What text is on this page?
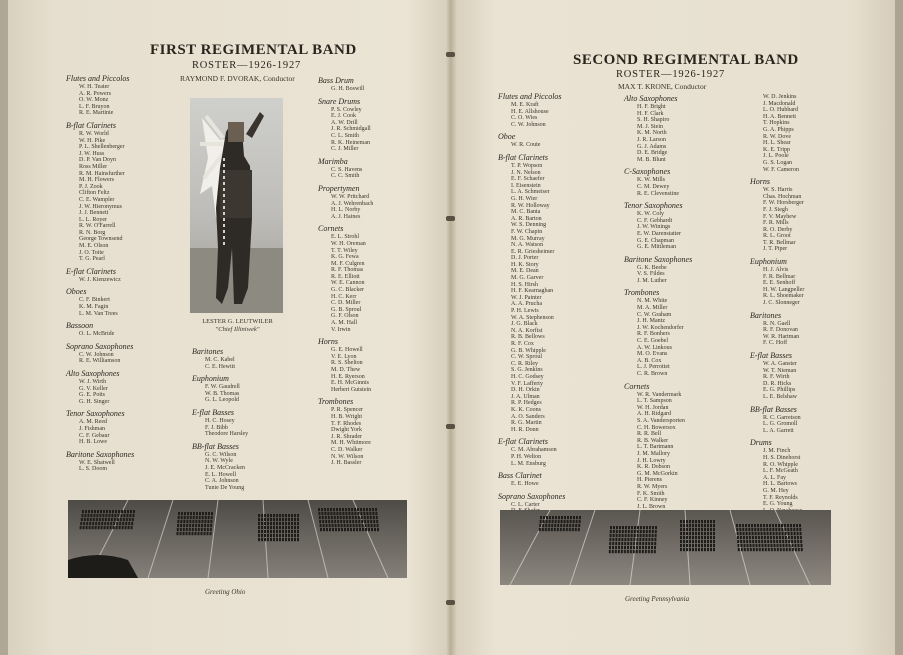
FIRST REGIMENTAL BAND
ROSTER—1926-1927
RAYMOND F. DVORAK, Conductor
Flutes and Piccolos
W. H. Teater
A. R. Powers
O. W. Monz
L. F. Bruyon
R. E. Martinie
B-flat Clarinets
R. W. World
W. H. Pike
P. L. Shellenberger
J. W. Huss
D. P. Van Doyn
Ross Miller
R. M. Hainsfurther
M. H. Flowers
P. J. Zook
Clifton Feltz
C. E. Wampler
J. W. Hieronymus
J. J. Bennett
L. L. Royer
R. W. O'Farrell
R. N. Borg
George Townsend
M. E. Olson
J. O. Toite
T. G. Pearl
E-flat Clarinets
W. J. Kienzewicz
Oboes
C. F. Binkert
K. M. Fagin
L. M. Van Trees
Bassoon
O. L. McBride
Soprano Saxophones
C. W. Johnson
R. E. Williamson
Alto Saxophones
W. J. Wirth
G. V. Keller
G. E. Potts
G. H. Singer
Tenor Saxophones
A. M. Reed
J. Fishman
C. F. Gebaur
H. B. Lowe
Baritone Saxophones
W. E. Shatwell
L. S. Doom
Baritones
M. C. Kabel
C. E. Hewitt
Euphonium
F. W. Gaudrell
W. B. Thomas
G. L. Leopold
E-flat Basses
H. C. Hosey
F. J. Bibb
Theodore Harsley
BB-flat Basses
G. C. Wilson
N. W. Wyle
J. E. McCracken
E. L. Howell
C. A. Johnson
Tunie De Young
Bass Drum
G. H. Boswill
Snare Drums
P. S. Cowley
E. J. Cook
A. W. Drill
J. R. Schmidgall
C. L. Smith
R. K. Heineman
C. J. Miller
Marimba
C. S. Havens
C. C. Smith
Propertymen
W. W. Pritchard
A. J. Wehrenbach
H. L. Norby
A. J. Haines
Cornets
E. L. Strohl
W. H. Oreman
T. T. Wiley
K. G. Fewa
M. F. Culgren
R. F. Thomas
R. E. Elliott
W. E. Cannon
G. C. Blacker
H. C. Kerr
C. D. Miller
G. B. Sproul
G. F. Olson
A. M. Hall
V. Irwin
Horns
G. E. Howell
V. E. Lyon
R. S. Shelton
M. D. Thew
H. E. Ryerson
E. H. McGinnis
Herbert Gutstein
Trombones
P. R. Spencer
H. B. Wright
T. F. Rhodes
Dwight York
J. R. Shrader
M. H. Whitmore
C. D. Walker
N. W. Wilson
J. H. Bassler
LESTER G. LEUTWILER
"Chief Illiniwek"
Greeting Ohio
SECOND REGIMENTAL BAND
ROSTER—1926-1927
MAX T. KRONE, Conductor
Flutes and Piccolos
M. E. Kraft
H. E. Allshouse
C. O. Wies
C. W. Johnson
Oboe
W. R. Coute
B-flat Clarinets
T. P. Wopson
J. N. Nelson
E. F. Schaefer
I. Eisenstein
L. A. Schmeiser
G. H. Wier
R. W. Holloway
M. C. Banta
A. R. Barton
W. S. Denning
F. W. Chapin
M. G. Murray
N. A. Watson
E. R. Griesheimer
D. J. Porter
H. K. Story
M. E. Dean
M. G. Garver
H. S. Hirsh
H. F. Kearnaghan
W. J. Painter
A. A. Prucha
P. H. Lewis
W. A. Stephenson
J. G. Black
N. A. Korfist
R. B. Bellows
R. F. Cox
G. B. Whipple
C. W. Sproul
C. R. Riley
S. G. Jenkins
H. C. Godsey
V. F. Lafferty
D. H. Orkin
J. A. Ulman
R. P. Hedges
K. K. Coons
A. O. Sanders
R. G. Martin
H. R. Donn
E-flat Clarinets
C. M. Abrahamson
P. H. Welton
L. M. Ensburg
Bass Clarinet
E. E. Howe
Soprano Saxophones
C. L. Carter
Alto Saxophones
H. F. Bright
H. F. Clark
S. H. Shapiro
M. J. Stein
K. M. North
J. R. Larson
G. J. Adams
D. E. Bridge
M. B. Blunt
C-Saxophones
K. W. Mills
C. M. Dewey
R. E. Clevenstine
Tenor Saxophones
K. W. Coly
C. F. Gebhardt
J. W. Winings
E. W. Darenstatter
G. E. Chapman
G. E. Mittleman
Baritone Saxophones
G. K. Beebe
V. S. Fildes
J. M. Luther
Trombones
N. M. White
M. A. Miller
C. W. Graham
J. H. Mantz
J. W. Kochendorfer
R. F. Bonhers
C. E. Goebel
A. W. Linkous
M. O. Evans
A. B. Cox
L. J. Perrottet
C. R. Brown
Cornets
W. R. Vandermark
L. T. Sampson
W. H. Jordan
A. H. Ridgard
S. A. Vandersporten
C. H. Bowersox
R. R. Bell
R. B. Walker
L. T. Bartmann
J. M. Mallory
J. H. Lowry
K. R. Dobson
G. M. McGorkin
H. Pierens
R. W. Myers
F. K. Smith
C. F. Kinney
J. L. Brown
W. D. Jenkins
J. Macdonald
L. O. Hubbard
H. A. Bennett
T. Hopkins
G. A. Phipps
R. W. Dove
H. L. Shear
K. E. Tripp
J. L. Poole
G. S. Logan
W. F. Cameron
Horns
W. S. Harris
Chas. Hochman
F. W. Horsberger
F. J. Siegh
F. V. Mayhew
F. R. Mills
R. O. Derby
R. L. Groot
T. R. Bellmar
J. T. Piper
Euphonium
H. J. Alvis
F. R. Bellmar
E. E. Senhoff
H. W. Langpeller
R. L. Shoemaker
J. C. Slonneger
Baritones
R. N. Gaell
R. F. Donovan
W. R. Hartman
F. C. Hoff
E-flat Basses
W. A. Ganster
W. T. Nieman
R. F. Wirth
D. R. Hicks
E. G. Phillips
L. E. Belshaw
BB-flat Basses
R. C. Garretson
L. G. Gromoll
L. A. Garrett
Drums
J. M. Finch
H. S. Dinehorst
R. O. Whipple
L. F. McGeath
A. L. Fay
H. L. Bartows
G. M. Hey
T. F. Reynolds
E. G. Young
Greeting Pennsylvania
